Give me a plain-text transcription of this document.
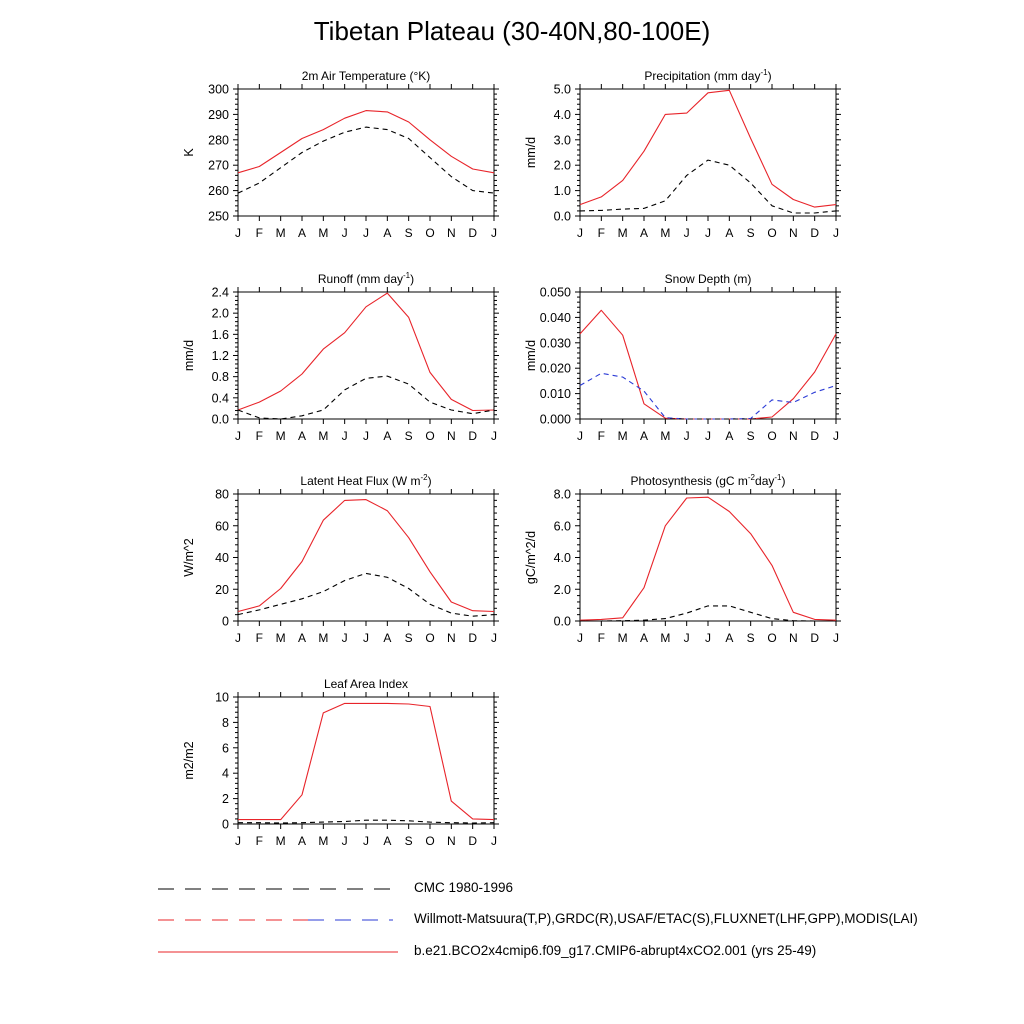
Tibetan Plateau (30-40N,80-100E)
2m Air Temperature (°K)
250
260
270
280
290
300
K
J F M A M J J A S O N D J
Precipitation (mm day$^{-1}$)
0.0
1.0
2.0
3.0
4.0
5.0
mm/d
J F M A M J J A S O N D J
Runoff (mm day$^{-1}$)
0.0
0.4
0.8
1.2
1.6
2.0
2.4
mm/d
J F M A M J J A S O N D J
Snow Depth (m)
0.000
0.010
0.020
0.030
0.040
0.050
mm/d
J F M A M J J A S O N D J
Latent Heat Flux (W $m^{-2}$)
0
20
40
60
80
W/m^2
J F M A M J J A S O N D J
Photosynthesis (gC $m^{-2}day^{-1}$)
0.0
2.0
4.0
6.0
8.0
gC/m^2/d
J F M A M J J A S O N D J
Leaf Area Index
0
2
4
6
8
10
m2/m2
J F M A M J J A S O N D J
CMC 1980-1996
Willmott-Matsuura(T,P),GRDC(R),USAF/ETAC(S),FLUXNET(LHF,GPP),MODIS(LAI)
b.e21.BCO2x4cmip6.f09_g17.CMIP6-abrupt4xCO2.001 (yrs 25-49)
